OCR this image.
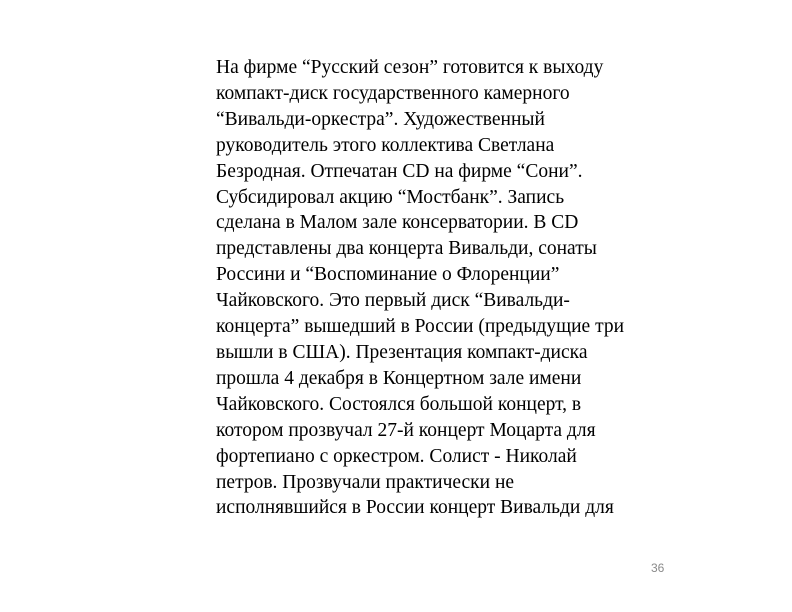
На фирме “Русский сезон” готовится к выходу
компакт-диск государственного камерного
“Вивальди-оркестра”. Художественный
руководитель этого коллектива Светлана
Безродная. Отпечатан CD на фирме “Сони”.
Субсидировал акцию “Мостбанк”. Запись
сделана в Малом зале консерватории. В CD
представлены два концерта Вивальди, сонаты
Россини и “Воспоминание о Флоренции”
Чайковского. Это первый диск “Вивальди-
концерта” вышедший в России (предыдущие три
вышли в США). Презентация компакт-диска
прошла 4 декабря в Концертном зале имени
Чайковского. Состоялся большой концерт, в
котором прозвучал 27-й концерт Моцарта для
фортепиано с оркестром. Солист - Николай
петров. Прозвучали практически не
исполнявшийся в России концерт Вивальди для
36
